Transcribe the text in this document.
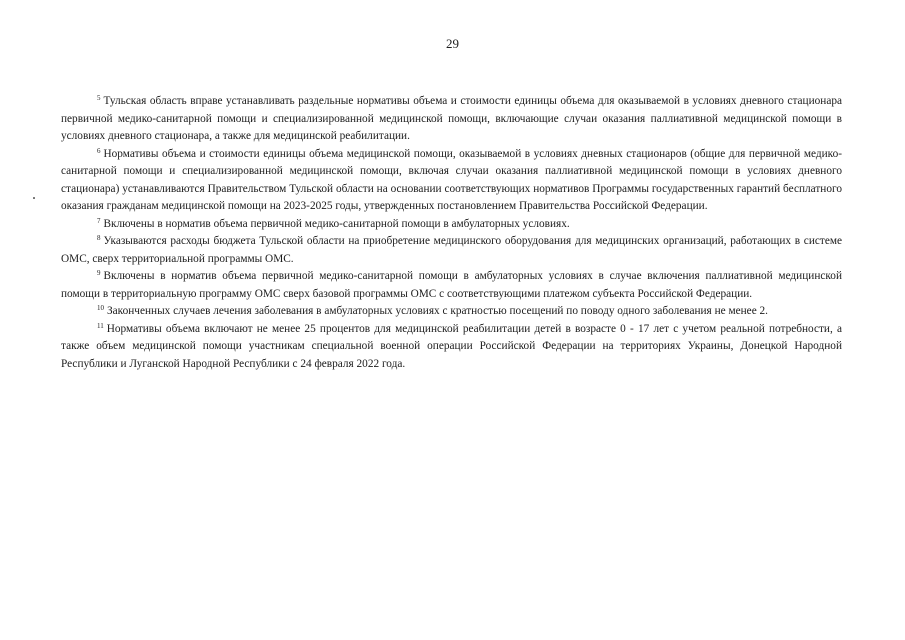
29

$^5$ Тульская область вправе устанавливать раздельные нормативы объема и стоимости единицы объема для оказываемой в условиях дневного стационара первичной медико-санитарной помощи и специализированной медицинской помощи, включающие случаи оказания паллиативной медицинской помощи в условиях дневного стационара, а также для медицинской реабилитации.

$^6$ Нормативы объема и стоимости единицы объема медицинской помощи, оказываемой в условиях дневных стационаров (общие для первичной медико-санитарной помощи и специализированной медицинской помощи, включая случаи оказания паллиативной медицинской помощи в условиях дневного стационара) устанавливаются Правительством Тульской области на основании соответствующих нормативов Программы государственных гарантий бесплатного оказания гражданам медицинской помощи на 2023-2025 годы, утвержденных постановлением Правительства Российской Федерации.

$^7$ Включены в норматив объема первичной медико-санитарной помощи в амбулаторных условиях.

$^8$ Указываются расходы бюджета Тульской области на приобретение медицинского оборудования для медицинских организаций, работающих в системе ОМС, сверх территориальной программы ОМС.

$^9$ Включены в норматив объема первичной медико-санитарной помощи в амбулаторных условиях в случае включения паллиативной медицинской помощи в территориальную программу ОМС сверх базовой программы ОМС с соответствующими платежом субъекта Российской Федерации.

$^{10}$ Законченных случаев лечения заболевания в амбулаторных условиях с кратностью посещений по поводу одного заболевания не менее 2.

$^{11}$ Нормативы объема включают не менее 25 процентов для медицинской реабилитации детей в возрасте 0 - 17 лет с учетом реальной потребности, а также объем медицинской помощи участникам специальной военной операции Российской Федерации на территориях Украины, Донецкой Народной Республики и Луганской Народной Республики с 24 февраля 2022 года.
